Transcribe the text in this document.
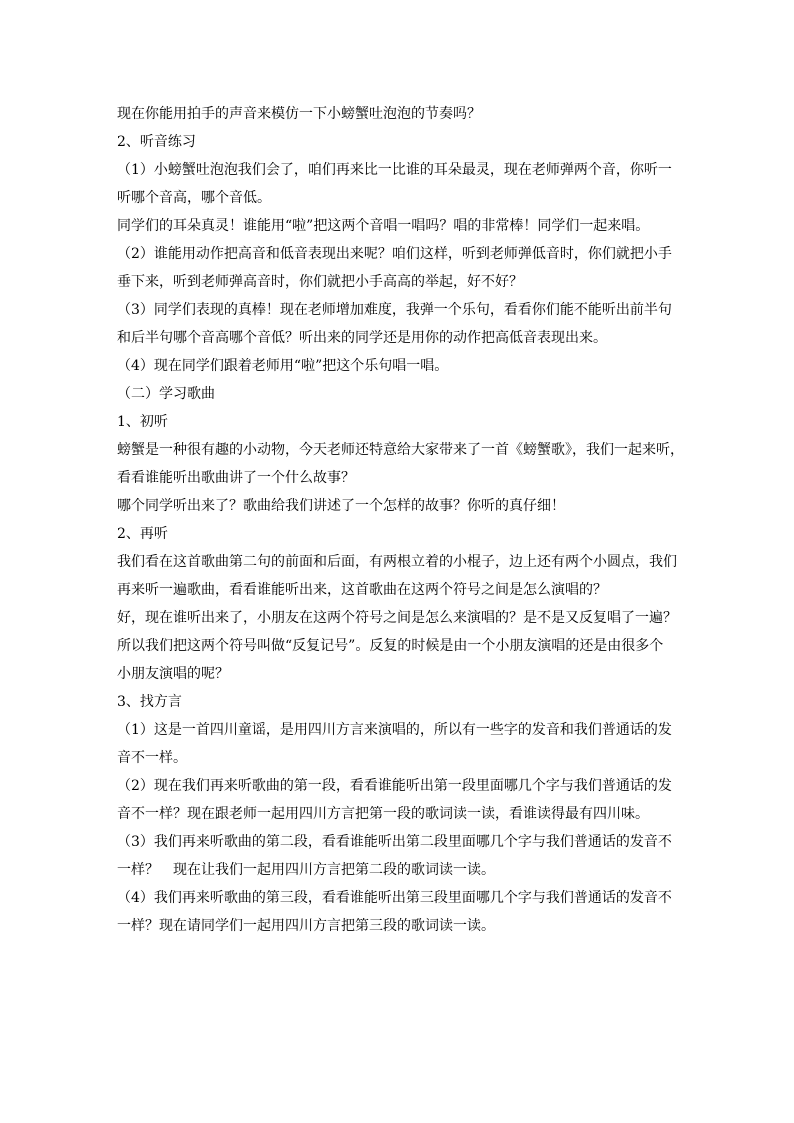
现在你能用拍手的声音来模仿一下小螃蟹吐泡泡的节奏吗？
2、听音练习
（1）小螃蟹吐泡泡我们会了，咱们再来比一比谁的耳朵最灵，现在老师弹两个音，你听一
听哪个音高，哪个音低。
同学们的耳朵真灵！谁能用“啦”把这两个音唱一唱吗？唱的非常棒！同学们一起来唱。
（2）谁能用动作把高音和低音表现出来呢？咱们这样，听到老师弹低音时，你们就把小手
垂下来，听到老师弹高音时，你们就把小手高高的举起，好不好？
（3）同学们表现的真棒！现在老师增加难度，我弹一个乐句，看看你们能不能听出前半句
和后半句哪个音高哪个音低？听出来的同学还是用你的动作把高低音表现出来。
（4）现在同学们跟着老师用“啦”把这个乐句唱一唱。
（二）学习歌曲
1、初听
螃蟹是一种很有趣的小动物，今天老师还特意给大家带来了一首《螃蟹歌》，我们一起来听，
看看谁能听出歌曲讲了一个什么故事？
哪个同学听出来了？歌曲给我们讲述了一个怎样的故事？你听的真仔细！
2、再听
我们看在这首歌曲第二句的前面和后面，有两根立着的小棍子，边上还有两个小圆点，我们
再来听一遍歌曲，看看谁能听出来，这首歌曲在这两个符号之间是怎么演唱的？
好，现在谁听出来了，小朋友在这两个符号之间是怎么来演唱的？是不是又反复唱了一遍？
所以我们把这两个符号叫做“反复记号”。反复的时候是由一个小朋友演唱的还是由很多个
小朋友演唱的呢？
3、找方言
（1）这是一首四川童谣，是用四川方言来演唱的，所以有一些字的发音和我们普通话的发
音不一样。
（2）现在我们再来听歌曲的第一段，看看谁能听出第一段里面哪几个字与我们普通话的发
音不一样？现在跟老师一起用四川方言把第一段的歌词读一读，看谁读得最有四川味。
（3）我们再来听歌曲的第二段，看看谁能听出第二段里面哪几个字与我们普通话的发音不
一样？　现在让我们一起用四川方言把第二段的歌词读一读。
（4）我们再来听歌曲的第三段，看看谁能听出第三段里面哪几个字与我们普通话的发音不
一样？现在请同学们一起用四川方言把第三段的歌词读一读。
